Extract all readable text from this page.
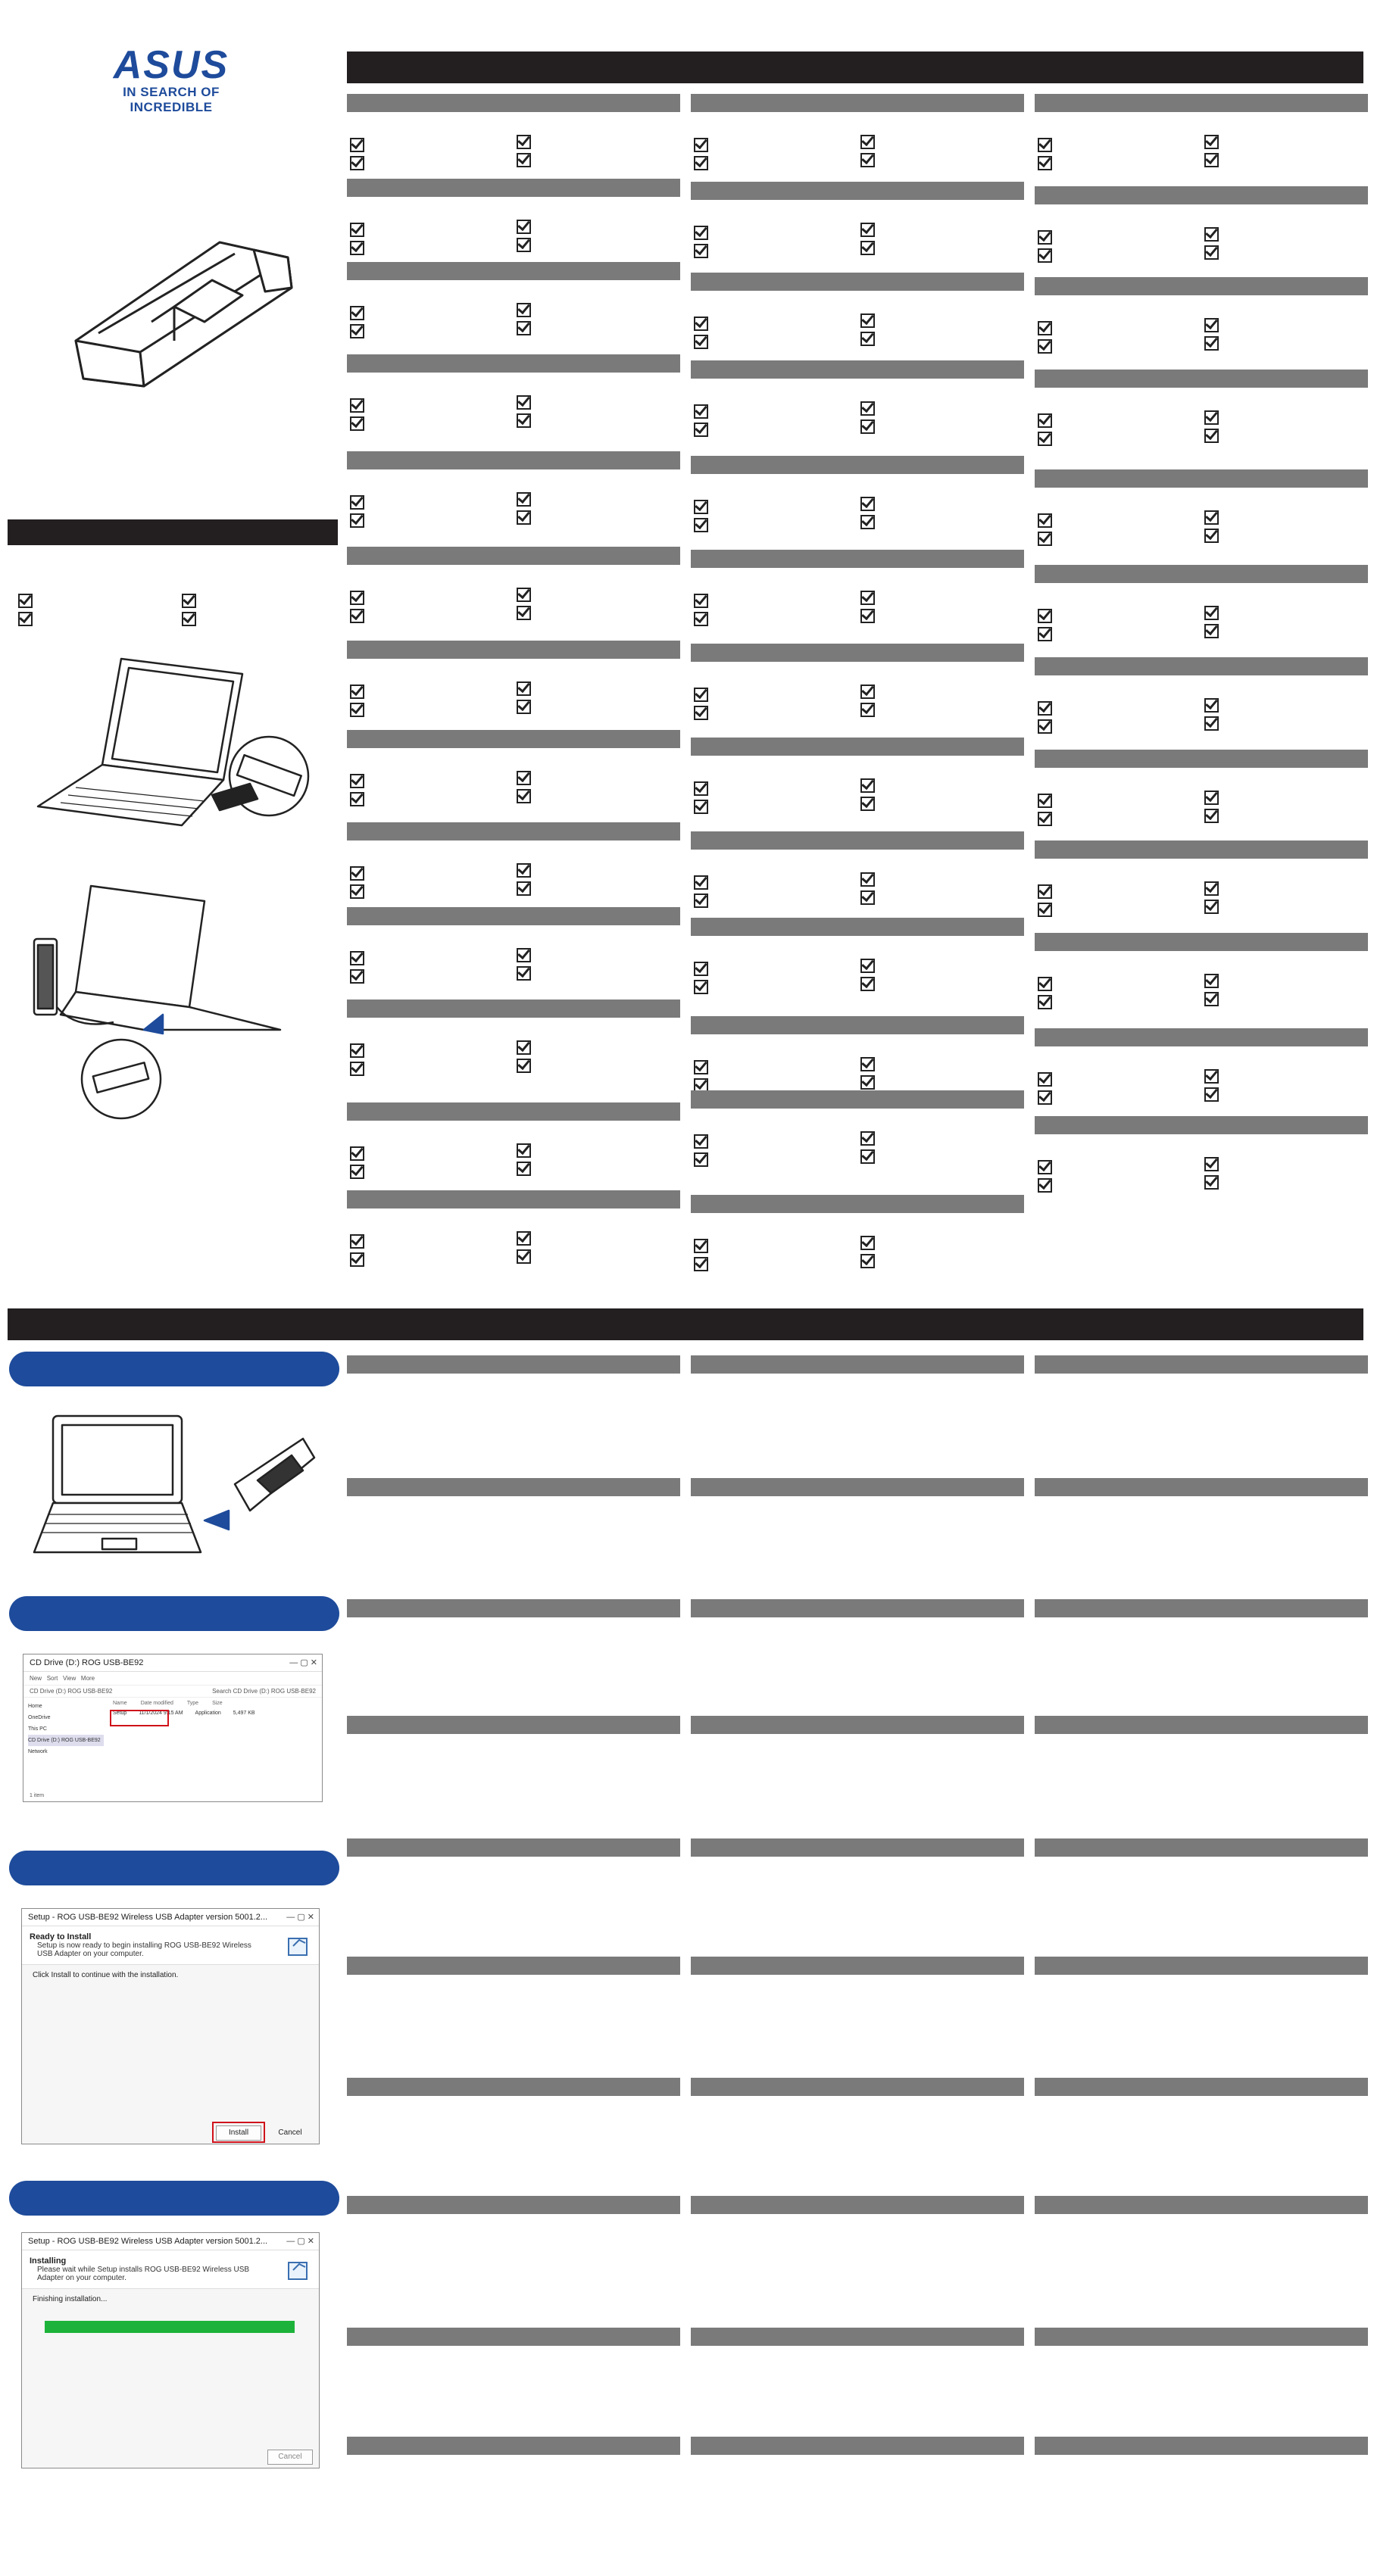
ASUS
IN SEARCH OF INCREDIBLE
CD Drive (D:) ROG USB-BE92	— ▢ ✕
New Sort View More
CD Drive (D:) ROG USB-BE92	Search CD Drive (D:) ROG USB-BE92
Home
OneDrive
This PC
CD Drive (D:) ROG USB-BE92
Network
Name	Date modified	Type	Size
Setup 11/1/2024 9:15 AM Application 5,497 KB
1 item
Setup - ROG USB-BE92 Wireless USB Adapter version 5001.2... — ▢ ✕
Ready to Install
Setup is now ready to begin installing ROG USB-BE92 Wireless USB Adapter on your computer.
Click Install to continue with the installation.
Install	Cancel
Setup - ROG USB-BE92 Wireless USB Adapter version 5001.2... — ▢ ✕
Installing
Please wait while Setup installs ROG USB-BE92 Wireless USB Adapter on your computer.
Finishing installation...
Cancel
